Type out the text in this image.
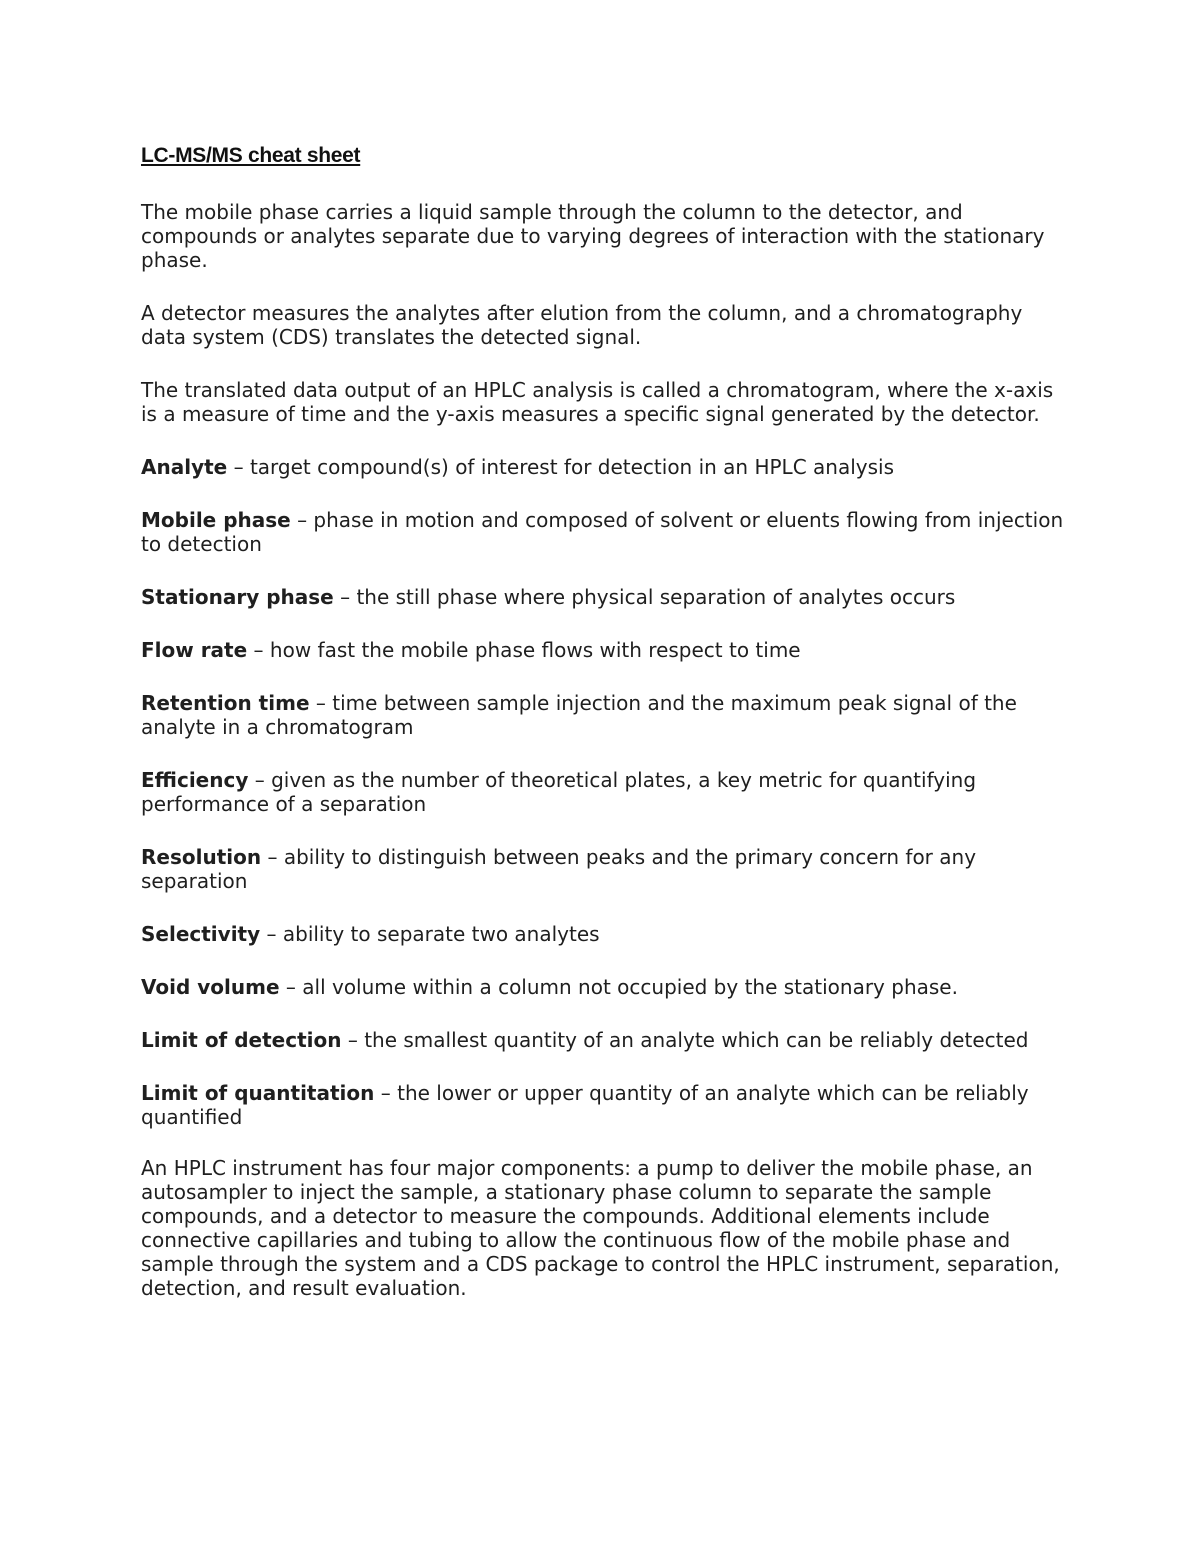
LC-MS/MS cheat sheet

The mobile phase carries a liquid sample through the column to the detector, and compounds or analytes separate due to varying degrees of interaction with the stationary phase.

A detector measures the analytes after elution from the column, and a chromatography data system (CDS) translates the detected signal.

The translated data output of an HPLC analysis is called a chromatogram, where the x-axis is a measure of time and the y-axis measures a specific signal generated by the detector.

Analyte – target compound(s) of interest for detection in an HPLC analysis

Mobile phase – phase in motion and composed of solvent or eluents flowing from injection to detection

Stationary phase – the still phase where physical separation of analytes occurs

Flow rate – how fast the mobile phase flows with respect to time

Retention time – time between sample injection and the maximum peak signal of the analyte in a chromatogram

Efficiency – given as the number of theoretical plates, a key metric for quantifying performance of a separation

Resolution – ability to distinguish between peaks and the primary concern for any separation

Selectivity – ability to separate two analytes

Void volume – all volume within a column not occupied by the stationary phase.

Limit of detection – the smallest quantity of an analyte which can be reliably detected

Limit of quantitation – the lower or upper quantity of an analyte which can be reliably quantified

An HPLC instrument has four major components: a pump to deliver the mobile phase, an autosampler to inject the sample, a stationary phase column to separate the sample compounds, and a detector to measure the compounds. Additional elements include connective capillaries and tubing to allow the continuous flow of the mobile phase and sample through the system and a CDS package to control the HPLC instrument, separation, detection, and result evaluation.
